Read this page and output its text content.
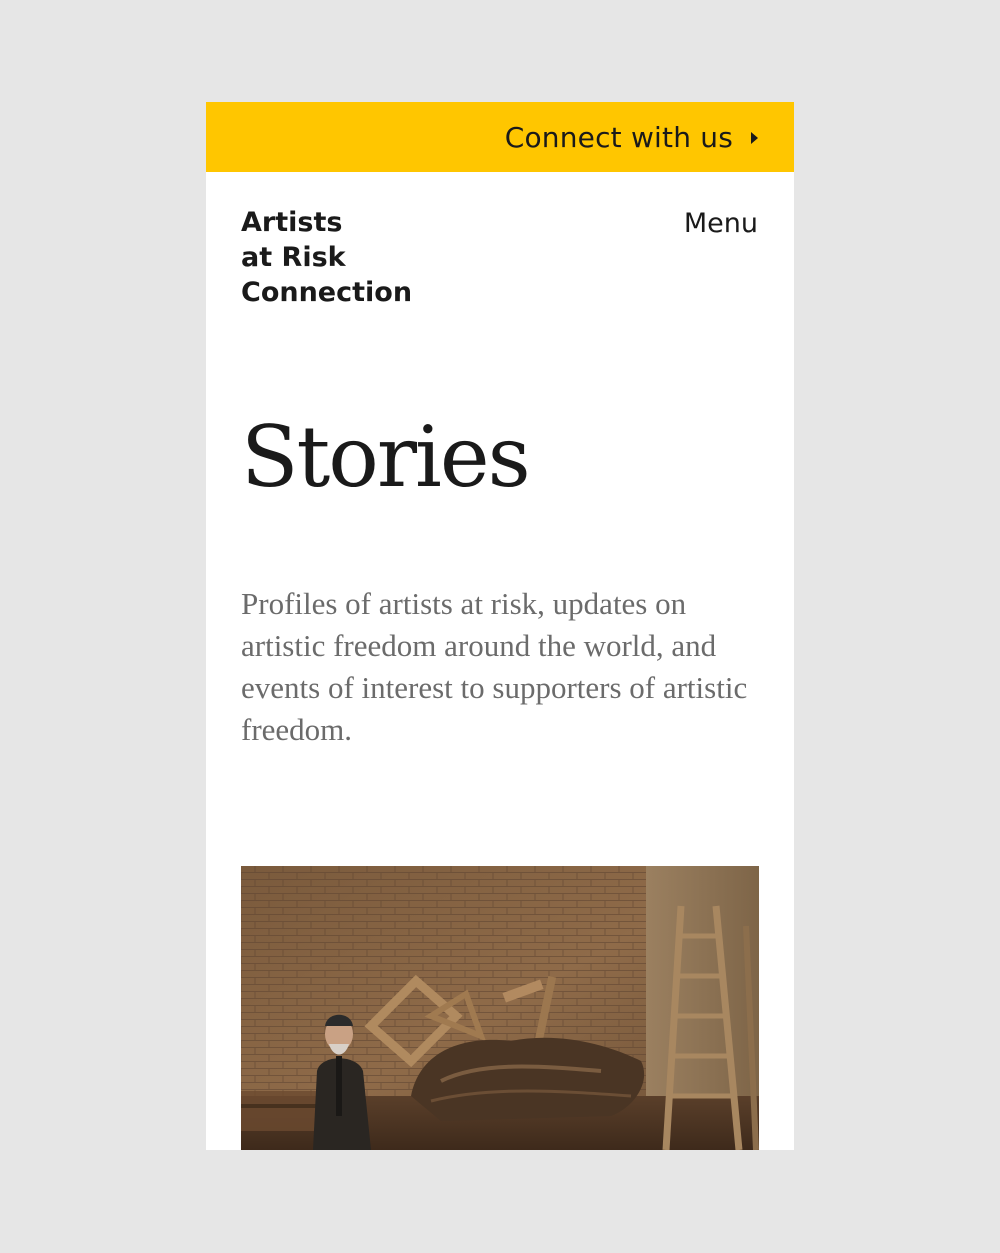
Connect with us
Artists
at Risk
Connection
Menu
Stories

Profiles of artists at risk, updates on artistic freedom around the world, and events of interest to supporters of artistic freedom.
